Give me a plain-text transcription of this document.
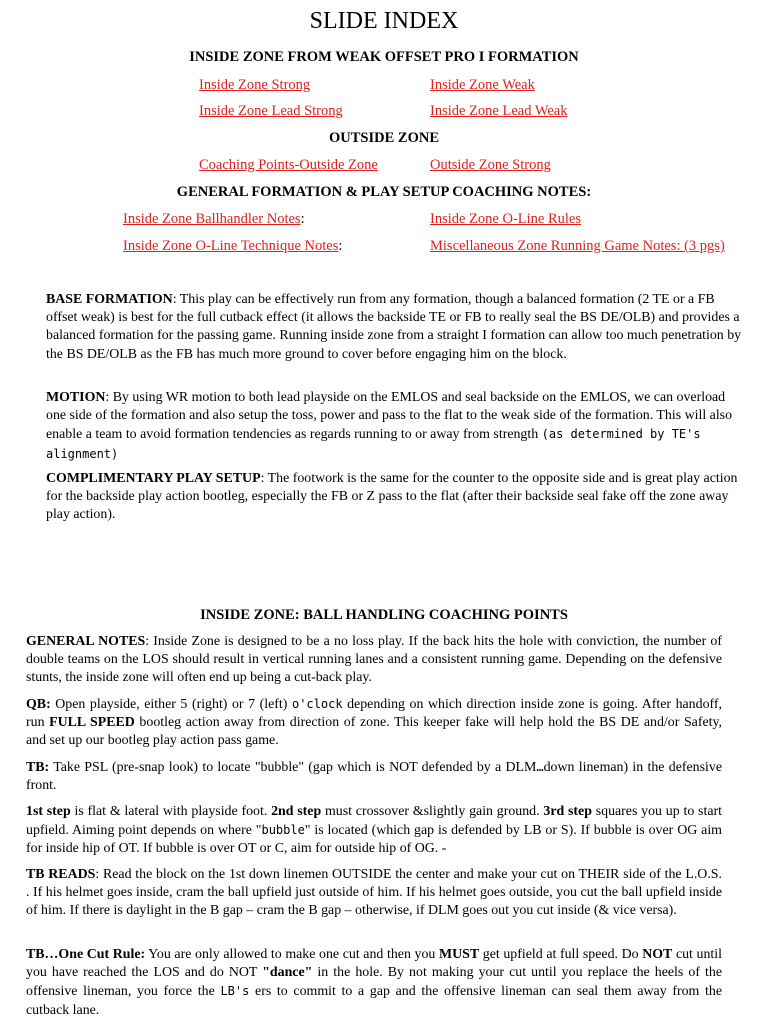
SLIDE INDEX
INSIDE ZONE FROM WEAK OFFSET PRO I FORMATION
Inside Zone Strong	Inside Zone Weak
Inside Zone Lead Strong	Inside Zone Lead Weak
OUTSIDE ZONE
Coaching Points-Outside Zone	Outside Zone Strong
GENERAL FORMATION & PLAY SETUP COACHING NOTES:
Inside Zone Ballhandler Notes:	Inside Zone O-Line Rules
Inside Zone O-Line Technique Notes:	Miscellaneous Zone Running Game Notes: (3 pgs)

BASE FORMATION: This play can be effectively run from any formation, though a balanced formation (2 TE or a FB offset weak) is best for the full cutback effect (it allows the backside TE or FB to really seal the BS DE/OLB) and provides a balanced formation for the passing game. Running inside zone from a straight I formation can allow too much penetration by the BS DE/OLB as the FB has much more ground to cover before engaging him on the block.

MOTION: By using WR motion to both lead playside on the EMLOS and seal backside on the EMLOS, we can overload one side of the formation and also setup the toss, power and pass to the flat to the weak side of the formation. This will also enable a team to avoid formation tendencies as regards running to or away from strength (as determined by TE's alignment)

COMPLIMENTARY PLAY SETUP: The footwork is the same for the counter to the opposite side and is great play action for the backside play action bootleg, especially the FB or Z pass to the flat (after their backside seal fake off the zone away play action).

INSIDE ZONE: BALL HANDLING COACHING POINTS

GENERAL NOTES: Inside Zone is designed to be a no loss play. If the back hits the hole with conviction, the number of double teams on the LOS should result in vertical running lanes and a consistent running game. Depending on the defensive stunts, the inside zone will often end up being a cut-back play.

QB: Open playside, either 5 (right) or 7 (left) o'clock depending on which direction inside zone is going. After handoff, run FULL SPEED bootleg action away from direction of zone. This keeper fake will help hold the BS DE and/or Safety, and set up our bootleg play action pass game.

TB: Take PSL (pre-snap look) to locate "bubble" (gap which is NOT defended by a DLM…down lineman) in the defensive front.

1st step is flat & lateral with playside foot. 2nd step must crossover &slightly gain ground. 3rd step squares you up to start upfield. Aiming point depends on where "bubble" is located (which gap is defended by LB or S). If bubble is over OG aim for inside hip of OT. If bubble is over OT or C, aim for outside hip of OG. -

TB READS: Read the block on the 1st down linemen OUTSIDE the center and make your cut on THEIR side of the L.O.S. . If his helmet goes inside, cram the ball upfield just outside of him. If his helmet goes outside, you cut the ball upfield inside of him. If there is daylight in the B gap – cram the B gap – otherwise, if DLM goes out you cut inside (& vice versa).

TB…One Cut Rule: You are only allowed to make one cut and then you MUST get upfield at full speed. Do NOT cut until you have reached the LOS and do NOT "dance" in the hole. By not making your cut until you replace the heels of the offensive lineman, you force the LB's ers to commit to a gap and the offensive lineman can seal them away from the cutback lane.
